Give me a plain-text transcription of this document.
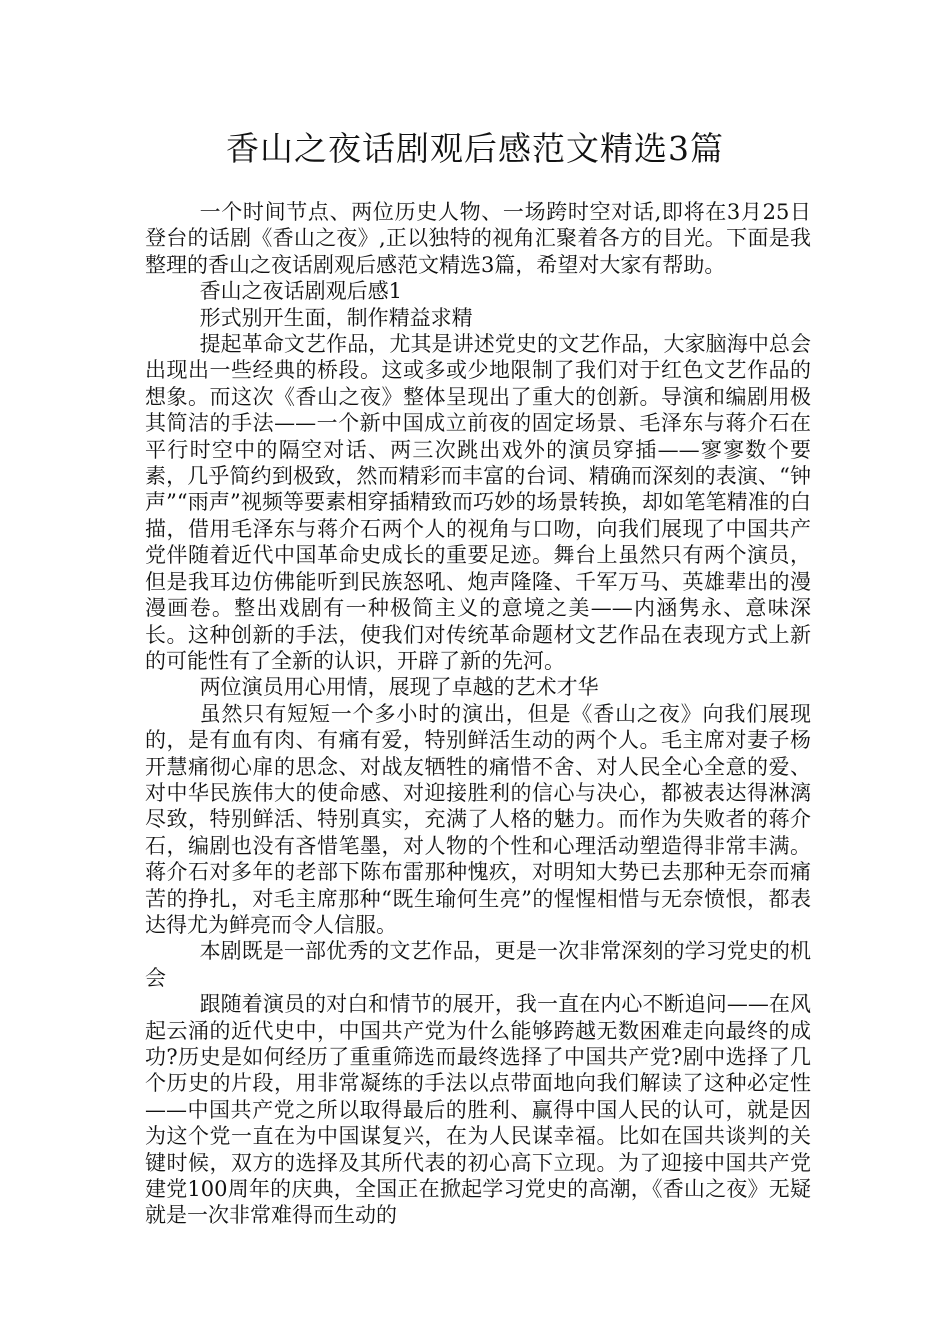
香山之夜话剧观后感范文精选3篇

一个时间节点、两位历史人物、一场跨时空对话,即将在3月25日登台的话剧《香山之夜》,正以独特的视角汇聚着各方的目光。下面是我整理的香山之夜话剧观后感范文精选3篇，希望对大家有帮助。

香山之夜话剧观后感1

形式别开生面，制作精益求精

提起革命文艺作品，尤其是讲述党史的文艺作品，大家脑海中总会出现出一些经典的桥段。这或多或少地限制了我们对于红色文艺作品的想象。而这次《香山之夜》整体呈现出了重大的创新。导演和编剧用极其简洁的手法——一个新中国成立前夜的固定场景、毛泽东与蒋介石在平行时空中的隔空对话、两三次跳出戏外的演员穿插——寥寥数个要素，几乎简约到极致，然而精彩而丰富的台词、精确而深刻的表演、“钟声”“雨声”视频等要素相穿插精致而巧妙的场景转换，却如笔笔精准的白描，借用毛泽东与蒋介石两个人的视角与口吻，向我们展现了中国共产党伴随着近代中国革命史成长的重要足迹。舞台上虽然只有两个演员，但是我耳边仿佛能听到民族怒吼、炮声隆隆、千军万马、英雄辈出的漫漫画卷。整出戏剧有一种极简主义的意境之美——内涵隽永、意味深长。这种创新的手法，使我们对传统革命题材文艺作品在表现方式上新的可能性有了全新的认识，开辟了新的先河。

两位演员用心用情，展现了卓越的艺术才华

虽然只有短短一个多小时的演出，但是《香山之夜》向我们展现的，是有血有肉、有痛有爱，特别鲜活生动的两个人。毛主席对妻子杨开慧痛彻心扉的思念、对战友牺牲的痛惜不舍、对人民全心全意的爱、对中华民族伟大的使命感、对迎接胜利的信心与决心，都被表达得淋漓尽致，特别鲜活、特别真实，充满了人格的魅力。而作为失败者的蒋介石，编剧也没有吝惜笔墨，对人物的个性和心理活动塑造得非常丰满。蒋介石对多年的老部下陈布雷那种愧疚，对明知大势已去那种无奈而痛苦的挣扎，对毛主席那种“既生瑜何生亮”的惺惺相惜与无奈愤恨，都表达得尤为鲜亮而令人信服。

本剧既是一部优秀的文艺作品，更是一次非常深刻的学习党史的机会

跟随着演员的对白和情节的展开，我一直在内心不断追问——在风起云涌的近代史中，中国共产党为什么能够跨越无数困难走向最终的成功?历史是如何经历了重重筛选而最终选择了中国共产党?剧中选择了几个历史的片段，用非常凝练的手法以点带面地向我们解读了这种必定性——中国共产党之所以取得最后的胜利、赢得中国人民的认可，就是因为这个党一直在为中国谋复兴，在为人民谋幸福。比如在国共谈判的关键时候，双方的选择及其所代表的初心高下立现。为了迎接中国共产党建党100周年的庆典，全国正在掀起学习党史的高潮，《香山之夜》无疑就是一次非常难得而生动的
